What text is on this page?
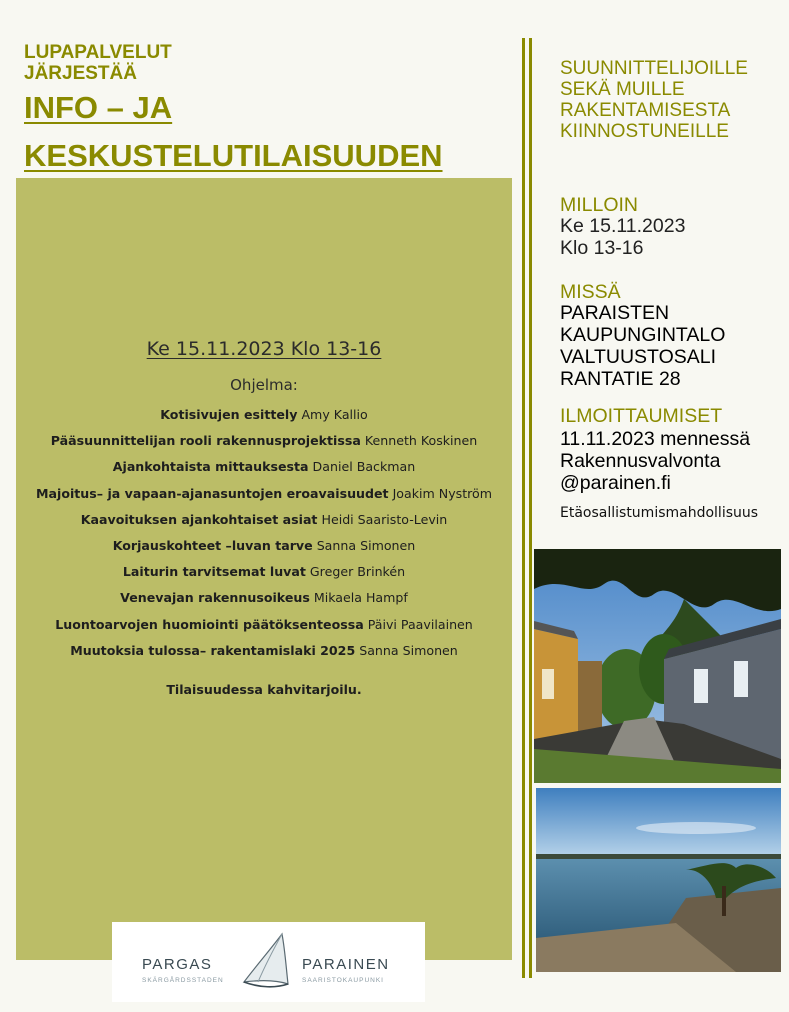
LUPAPALVELUT
JÄRJESTÄÄ
INFO – JA
KESKUSTELUTILAISUUDEN
Ke 15.11.2023 Klo 13-16
Ohjelma:
Kotisivujen esittely Amy Kallio
Pääsuunnittelijan rooli rakennusprojektissa Kenneth Koskinen
Ajankohtaista mittauksesta Daniel Backman
Majoitus– ja vapaan-ajanasuntojen eroavaisuudet Joakim Nyström
Kaavoituksen ajankohtaiset asiat Heidi Saaristo-Levin
Korjauskohteet –luvan tarve Sanna Simonen
Laiturin tarvitsemat luvat Greger Brinkén
Venevajan rakennusoikeus Mikaela Hampf
Luontoarvojen huomiointi päätöksenteossa Päivi Paavilainen
Muutoksia tulossa– rakentamislaki 2025 Sanna Simonen
Tilaisuudessa kahvitarjoilu.
PARGAS
SKÄRGÅRDSSTADEN
PARAINEN
SAARISTOKAUPUNKI
SUUNNITTELIJOILLE
SEKÄ MUILLE
RAKENTAMISESTA
KIINNOSTUNEILLE
MILLOIN
Ke 15.11.2023
Klo 13-16
MISSÄ
PARAISTEN
KAUPUNGINTALO
VALTUUSTOSALI
RANTATIE 28
ILMOITTAUMISET
11.11.2023 mennessä
Rakennusvalvonta
@parainen.fi
Etäosallistumismahdollisuus
